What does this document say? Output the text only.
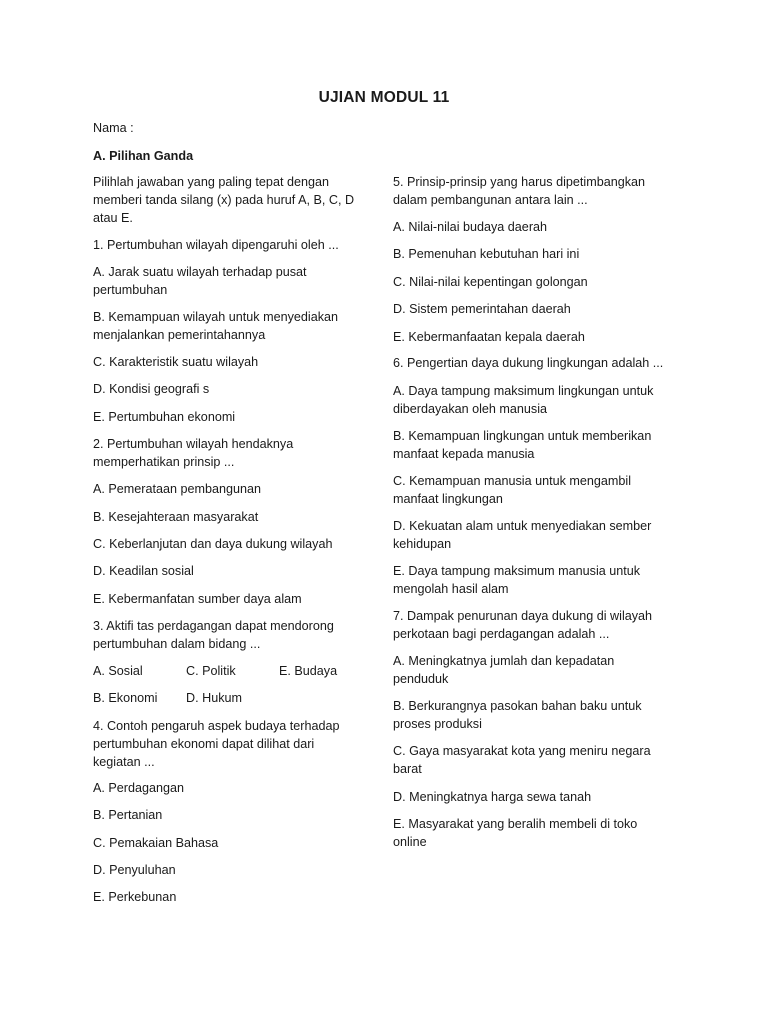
UJIAN MODUL 11
Nama :
A. Pilihan Ganda
Pilihlah jawaban yang paling tepat dengan
memberi tanda silang (x) pada huruf A, B, C, D
atau E.
1. Pertumbuhan wilayah dipengaruhi oleh ...
A. Jarak suatu wilayah terhadap pusat
pertumbuhan
B. Kemampuan wilayah untuk menyediakan
menjalankan pemerintahannya
C. Karakteristik suatu wilayah
D. Kondisi geografi s
E. Pertumbuhan ekonomi
2. Pertumbuhan wilayah hendaknya
memperhatikan prinsip ...
A. Pemerataan pembangunan
B. Kesejahteraan masyarakat
C. Keberlanjutan dan daya dukung wilayah
D. Keadilan sosial
E. Kebermanfatan sumber daya alam
3. Aktifi tas perdagangan dapat mendorong
pertumbuhan dalam bidang ...
A. Sosial	C. Politik	E. Budaya
B. Ekonomi D. Hukum
4. Contoh pengaruh aspek budaya terhadap
pertumbuhan ekonomi dapat dilihat dari
kegiatan ...
A. Perdagangan
B. Pertanian
C. Pemakaian Bahasa
D. Penyuluhan
E. Perkebunan
5. Prinsip-prinsip yang harus dipetimbangkan
dalam pembangunan antara lain ...
A. Nilai-nilai budaya daerah
B. Pemenuhan kebutuhan hari ini
C. Nilai-nilai kepentingan golongan
D. Sistem pemerintahan daerah
E. Kebermanfaatan kepala daerah
6. Pengertian daya dukung lingkungan adalah ...
A. Daya tampung maksimum lingkungan untuk
diberdayakan oleh manusia
B. Kemampuan lingkungan untuk memberikan
manfaat kepada manusia
C. Kemampuan manusia untuk mengambil
manfaat lingkungan
D. Kekuatan alam untuk menyediakan sember
kehidupan
E. Daya tampung maksimum manusia untuk
mengolah hasil alam
7. Dampak penurunan daya dukung di wilayah
perkotaan bagi perdagangan adalah ...
A. Meningkatnya jumlah dan kepadatan
penduduk
B. Berkurangnya pasokan bahan baku untuk
proses produksi
C. Gaya masyarakat kota yang meniru negara
barat
D. Meningkatnya harga sewa tanah
E. Masyarakat yang beralih membeli di toko
online
